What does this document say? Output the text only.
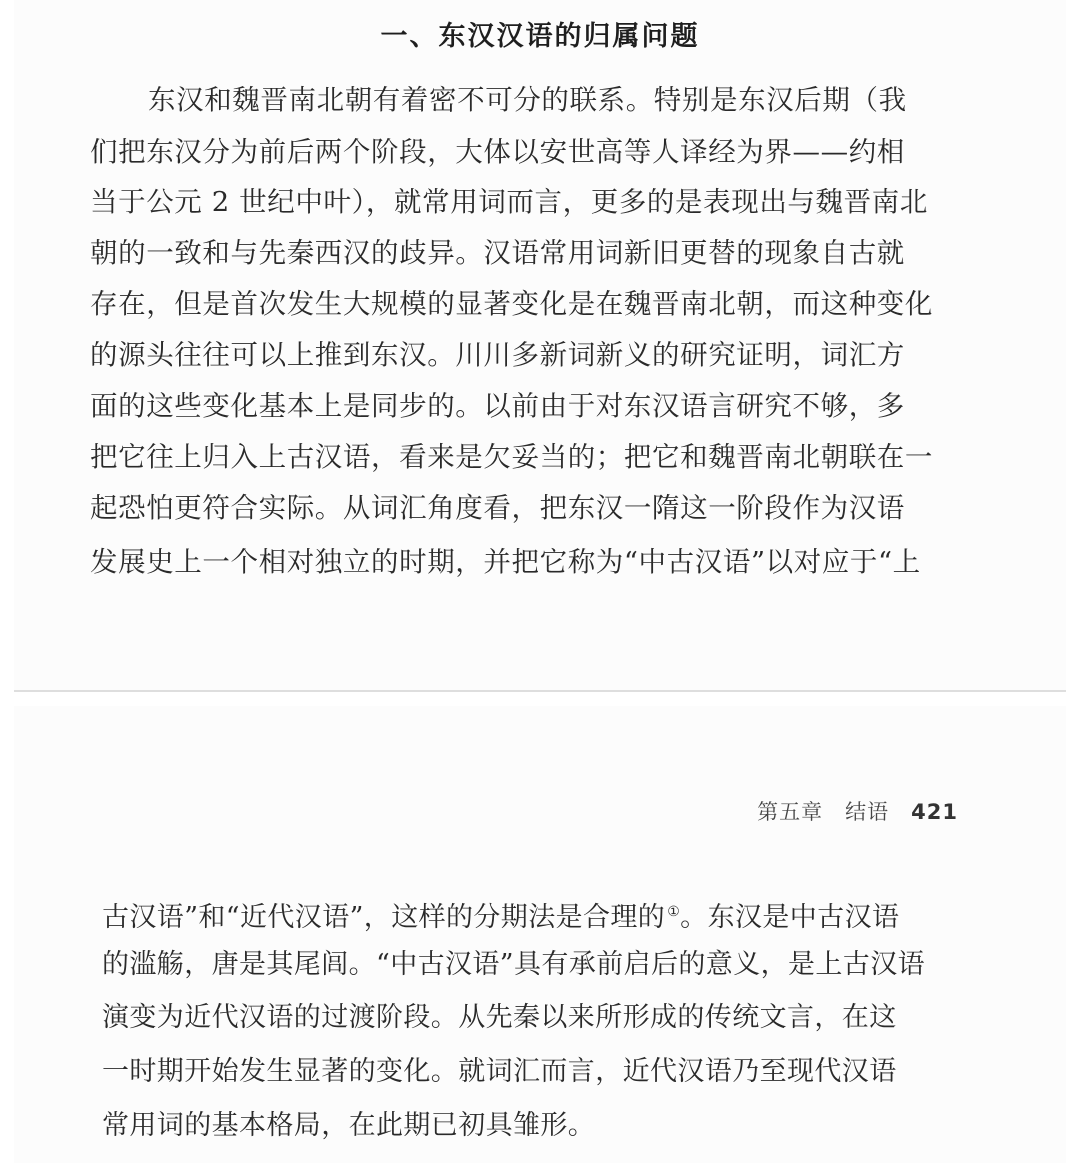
一、东汉汉语的归属问题
东汉和魏晋南北朝有着密不可分的联系。特别是东汉后期（我
们把东汉分为前后两个阶段，大体以安世高等人译经为界——约相
当于公元 2 世纪中叶），就常用词而言，更多的是表现出与魏晋南北
朝的一致和与先秦西汉的歧异。汉语常用词新旧更替的现象自古就
存在，但是首次发生大规模的显著变化是在魏晋南北朝，而这种变化
的源头往往可以上推到东汉。川川多新词新义的研究证明，词汇方
面的这些变化基本上是同步的。以前由于对东汉语言研究不够，多
把它往上归入上古汉语，看来是欠妥当的；把它和魏晋南北朝联在一
起恐怕更符合实际。从词汇角度看，把东汉一隋这一阶段作为汉语
发展史上一个相对独立的时期，并把它称为“中古汉语”以对应于“上
第五章 结语 421
古汉语”和“近代汉语”，这样的分期法是合理的 ①。东汉是中古汉语
的滥觞，唐是其尾闾。“中古汉语”具有承前启后的意义，是上古汉语
演变为近代汉语的过渡阶段。从先秦以来所形成的传统文言，在这
一时期开始发生显著的变化。就词汇而言，近代汉语乃至现代汉语
常用词的基本格局，在此期已初具雏形。
